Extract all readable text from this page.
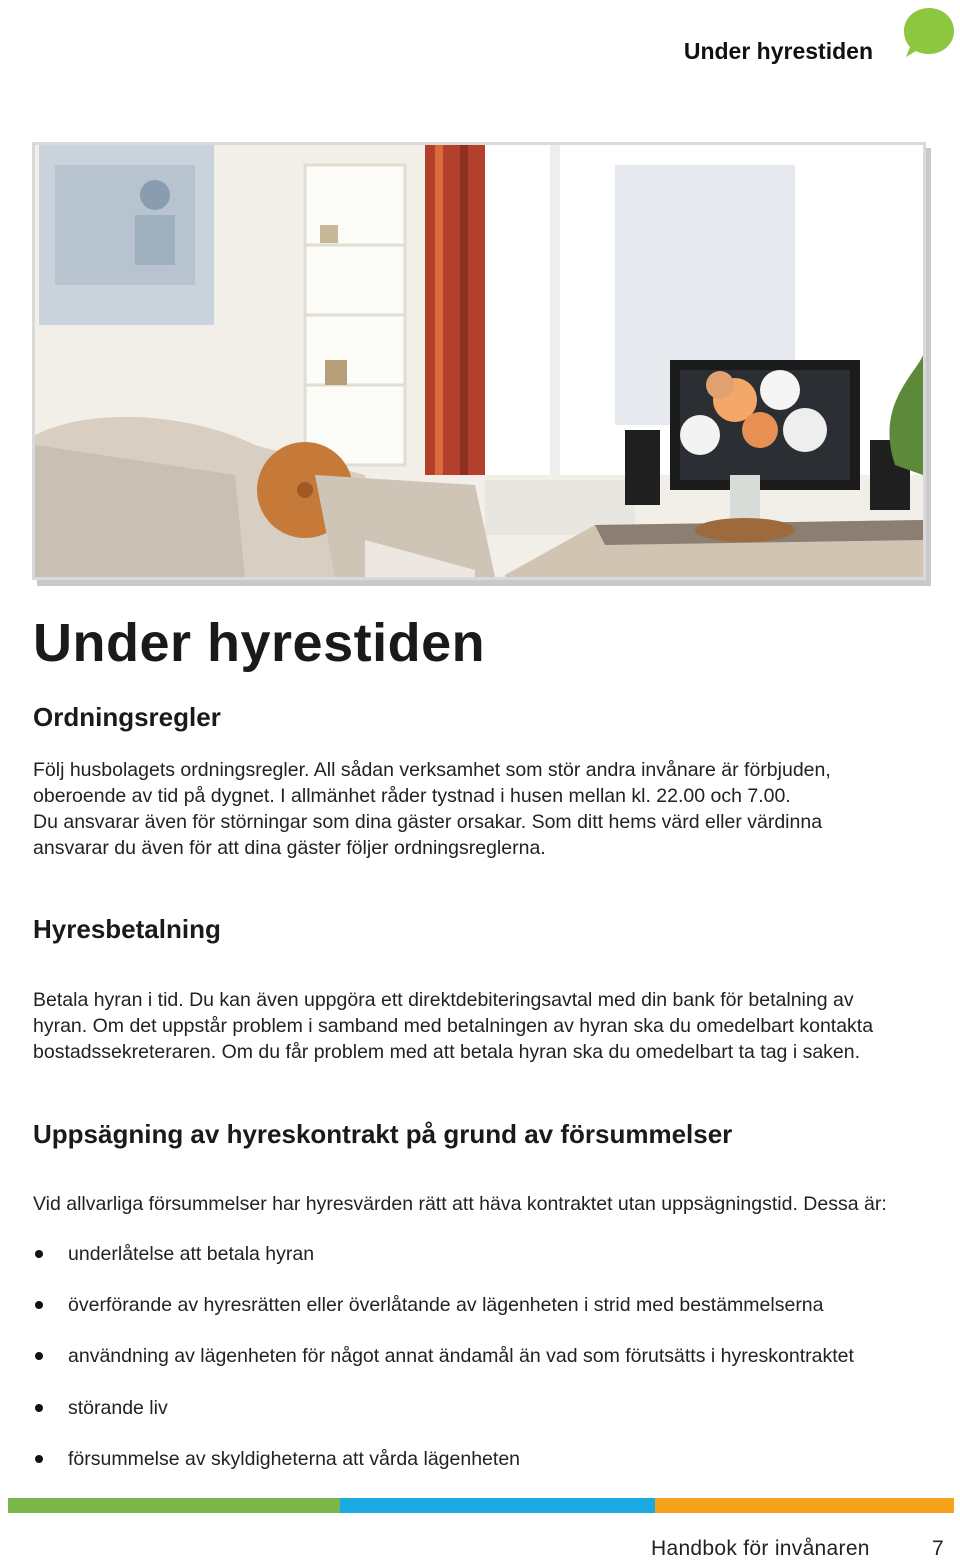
Under hyrestiden
Under hyrestiden
Ordningsregler

Följ husbolagets ordningsregler. All sådan verksamhet som stör andra invånare är förbjuden,
oberoende av tid på dygnet. I allmänhet råder tystnad i husen mellan kl. 22.00 och 7.00.
Du ansvarar även för störningar som dina gäster orsakar. Som ditt hems värd eller värdinna
ansvarar du även för att dina gäster följer ordningsreglerna.

Hyresbetalning

Betala hyran i tid. Du kan även uppgöra ett direktdebiteringsavtal med din bank för betalning av
hyran. Om det uppstår problem i samband med betalningen av hyran ska du omedelbart kontakta
bostadssekreteraren. Om du får problem med att betala hyran ska du omedelbart ta tag i saken.

Uppsägning av hyreskontrakt på grund av försummelser

Vid allvarliga försummelser har hyresvärden rätt att häva kontraktet utan uppsägningstid. Dessa är:

underlåtelse att betala hyran
överförande av hyresrätten eller överlåtande av lägenheten i strid med bestämmelserna
användning av lägenheten för något annat ändamål än vad som förutsätts i hyreskontraktet
störande liv
försummelse av skyldigheterna att vårda lägenheten
Handbok för invånaren	7
